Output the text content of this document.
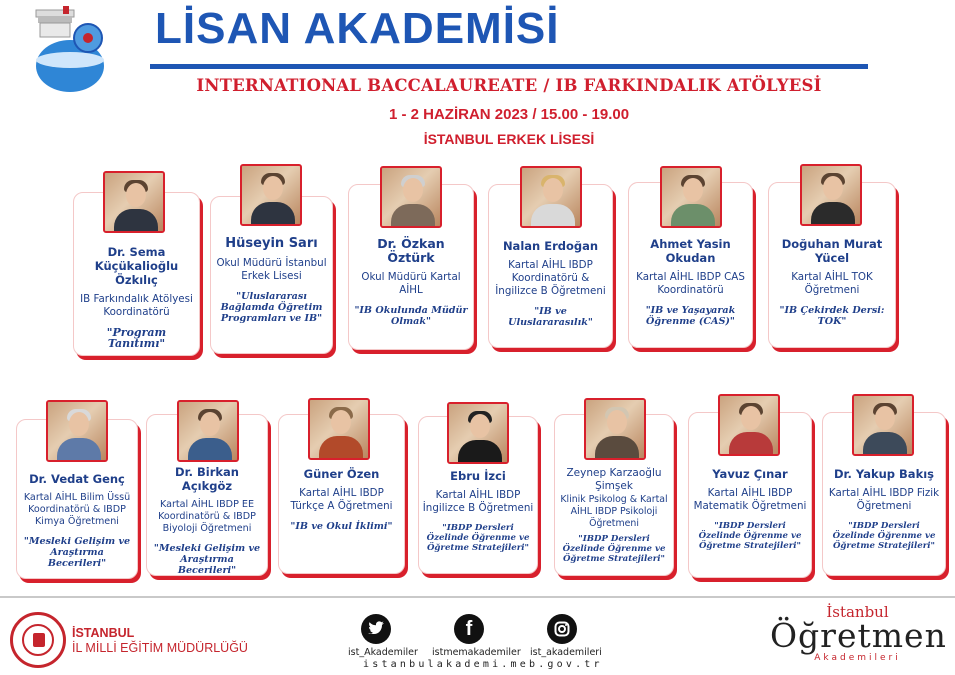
LİSAN AKADEMİSİ
INTERNATIONAL BACCALAUREATE / IB FARKINDALIK ATÖLYESİ
1 - 2 HAZİRAN 2023 / 15.00 - 19.00
İSTANBUL ERKEK LİSESİ
Dr. Sema Küçükalioğlu Özkılıç
IB Farkındalık Atölyesi Koordinatörü
"Program Tanıtımı"
Hüseyin Sarı
Okul Müdürü İstanbul Erkek Lisesi
"Uluslararası Bağlamda Öğretim Programları ve IB"
Dr. Özkan Öztürk
Okul Müdürü Kartal AİHL
"IB Okulunda Müdür Olmak"
Nalan Erdoğan
Kartal AİHL IBDP Koordinatörü & İngilizce B Öğretmeni
"IB ve Uluslararasılık"
Ahmet Yasin Okudan
Kartal AİHL IBDP CAS Koordinatörü
"IB ve Yaşayarak Öğrenme (CAS)"
Doğuhan Murat Yücel
Kartal AİHL TOK Öğretmeni
"IB Çekirdek Dersi: TOK"
Dr. Vedat Genç
Kartal AİHL Bilim Üssü Koordinatörü & IBDP Kimya Öğretmeni
"Mesleki Gelişim ve Araştırma Becerileri"
Dr. Birkan Açıkgöz
Kartal AİHL IBDP EE Koordinatörü & IBDP Biyoloji Öğretmeni
"Mesleki Gelişim ve Araştırma Becerileri"
Güner Özen
Kartal AİHL IBDP Türkçe A Öğretmeni
"IB ve Okul İklimi"
Ebru İzci
Kartal AİHL IBDP İngilizce B Öğretmeni
"IBDP Dersleri Özelinde Öğrenme ve Öğretme Stratejileri"
Zeynep Karzaoğlu Şimşek
Klinik Psikolog & Kartal AİHL IBDP Psikoloji Öğretmeni
"IBDP Dersleri Özelinde Öğrenme ve Öğretme Stratejileri"
Yavuz Çınar
Kartal AİHL IBDP Matematik Öğretmeni
"IBDP Dersleri Özelinde Öğrenme ve Öğretme Stratejileri"
Dr. Yakup Bakış
Kartal AİHL IBDP Fizik Öğretmeni
"IBDP Dersleri Özelinde Öğrenme ve Öğretme Stratejileri"
İSTANBUL
İL MİLLİ EĞİTİM MÜDÜRLÜĞÜ	ist_Akademiler
f
istmemakademiler ist_akademileri
istanbulakademi.meb.gov.tr
İstanbul
Öğretmen
Akademileri
